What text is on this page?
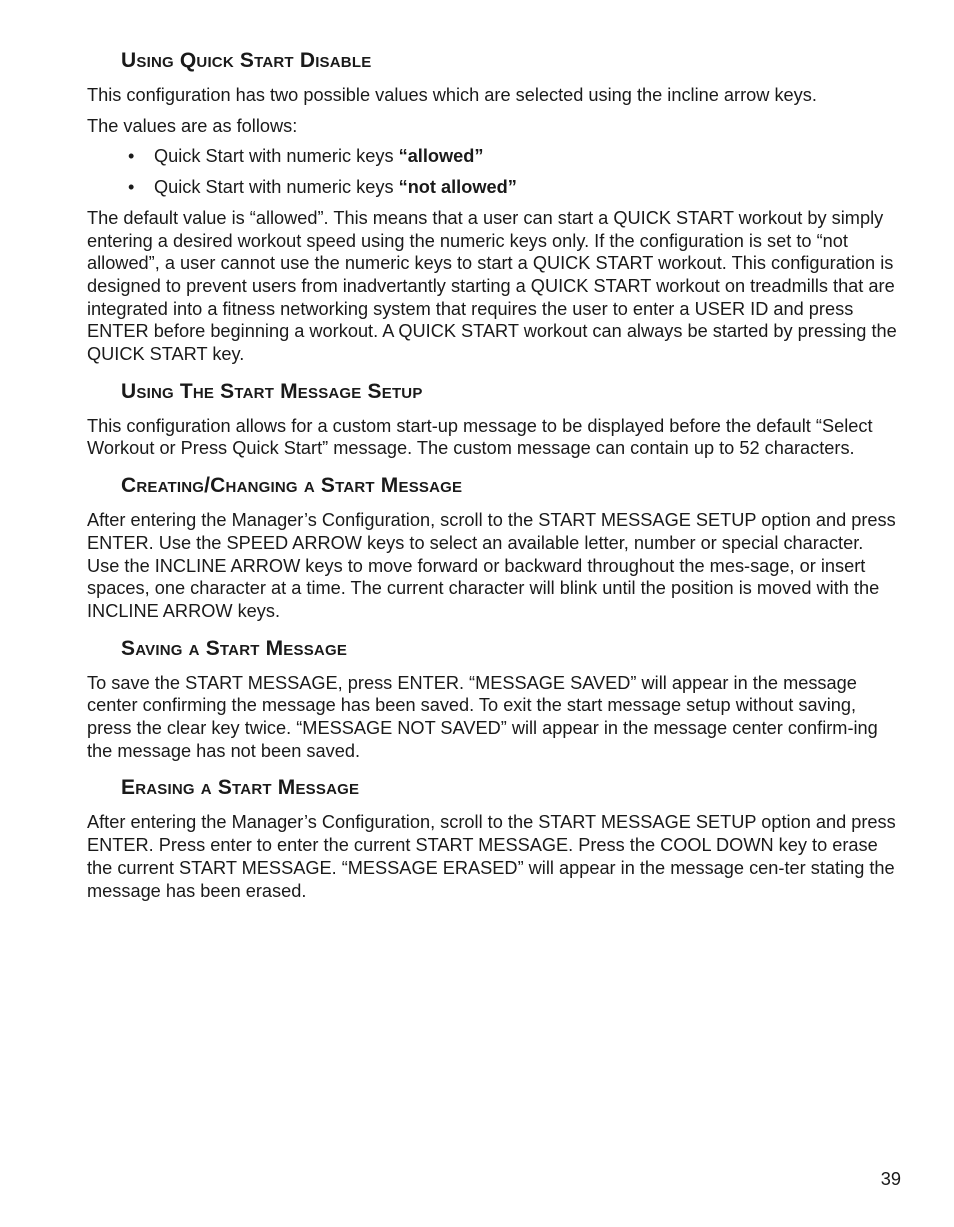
Using Quick Start Disable

This configuration has two possible values which are selected using the incline arrow keys.

The values are as follows:

• Quick Start with numeric keys “allowed”
• Quick Start with numeric keys “not allowed”

The default value is “allowed”. This means that a user can start a QUICK START workout by simply entering a desired workout speed using the numeric keys only. If the configuration is set to “not allowed”, a user cannot use the numeric keys to start a QUICK START workout. This configuration is designed to prevent users from inadvertantly starting a QUICK START workout on treadmills that are integrated into a fitness networking system that requires the user to enter a USER ID and press ENTER before beginning a workout. A QUICK START workout can always be started by pressing the QUICK START key.

Using The Start Message Setup

This configuration allows for a custom start-up message to be displayed before the default “Select Workout or Press Quick Start” message. The custom message can contain up to 52 characters.

Creating/Changing a Start Message

After entering the Manager’s Configuration, scroll to the START MESSAGE SETUP option and press ENTER. Use the SPEED ARROW keys to select an available letter, number or special character. Use the INCLINE ARROW keys to move forward or backward throughout the mes-sage, or insert spaces, one character at a time. The current character will blink until the position is moved with the INCLINE ARROW keys.

Saving a Start Message

To save the START MESSAGE, press ENTER. “MESSAGE SAVED” will appear in the message center confirming the message has been saved. To exit the start message setup without saving, press the clear key twice. “MESSAGE NOT SAVED” will appear in the message center confirm-ing the message has not been saved.

Erasing a Start Message

After entering the Manager’s Configuration, scroll to the START MESSAGE SETUP option and press ENTER. Press enter to enter the current START MESSAGE. Press the COOL DOWN key to erase the current START MESSAGE. “MESSAGE ERASED” will appear in the message cen-ter stating the message has been erased.

39
